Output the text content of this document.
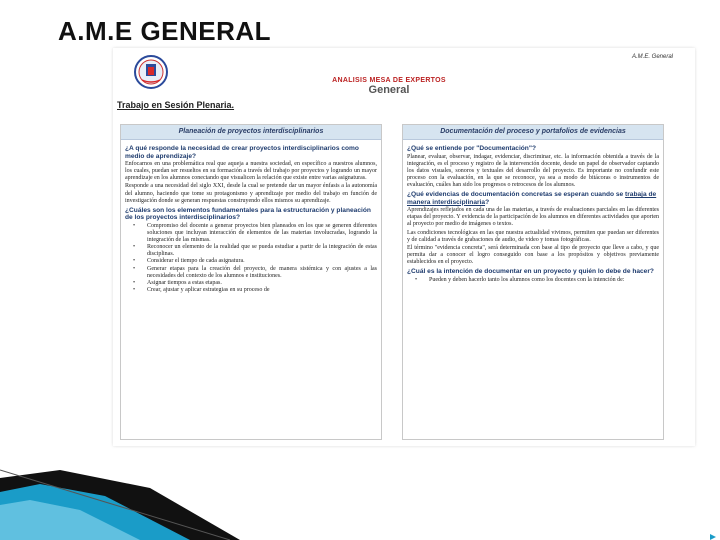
A.M.E GENERAL
A.M.E. General
Trabajo en Sesión Plenaria.
ANALISIS MESA DE EXPERTOS
General
Planeación de proyectos interdisciplinarios
¿A qué responde la necesidad de crear proyectos interdisciplinarios como medio de aprendizaje?
Enfocarnos en una problemática real que aqueja a nuestra sociedad, en específico a nuestros alumnos, los cuales, puedan ser resueltos en su formación a través del trabajo por proyectos y logrando un mayor aprendizaje en los alumnos conectando que visualicen la relación que existe entre varias asignaturas.
Responde a una necesidad del siglo XXI, desde la cual se pretende dar un mayor énfasis a la autonomía del alumno, haciendo que tome su protagonismo y aprendizaje por medio del trabajo en función de investigación donde se generan respuestas construyendo ellos mismos su aprendizaje.
¿Cuáles son los elementos fundamentales para la estructuración y planeación de los proyectos interdisciplinarios?
• Compromiso del docente a generar proyectos bien planeados en los que se generen diferentes soluciones que incluyan interacción de elementos de las materias involucradas, logrando la integración de las mismas.
• Reconocer un elemento de la realidad que se pueda estudiar a partir de la integración de estas disciplinas.
• Considerar el tiempo de cada asignatura.
• Generar etapas para la creación del proyecto, de manera sistémica y con ajustes a las necesidades del contexto de los alumnos e instituciones.
• Asignar tiempos a estas etapas.
• Crear, ajustar y aplicar estrategias en su proceso de
Documentación del proceso y portafolios de evidencias
¿Qué se entiende por "Documentación"?
Planear, evaluar, observar, indagar, evidenciar, discriminar, etc. la información obtenida a través de la integración, es el proceso y registro de la intervención docente, desde un papel de observador captando los datos visuales, sonoros y textuales del desarrollo del proyecto. Es importante no confundir este proceso con la evaluación, en la que se reconoce, ya sea a modo de bitácoras o instrumentos de evaluación, cuáles han sido los progresos o retrocesos de los alumnos.
¿Qué evidencias de documentación concretas se esperan cuando se trabaja de manera interdisciplinaria?
Aprendizajes reflejados en cada una de las materias, a través de evaluaciones parciales en las diferentes etapas del proyecto. Y evidencia de la participación de los alumnos en diferentes actividades que aporten al proyecto por medio de imágenes o textos.
Las condiciones tecnológicas en las que nuestra actualidad vivimos, permiten que puedan ser diferentes y de calidad a través de grabaciones de audio, de video y tomas fotográficas.
El término "evidencia concreta", será determinada con base al tipo de proyecto que lleve a cabo, y que permita dar a conocer el logro conseguido con base a los propósitos y objetivos previamente establecidos en el proyecto.
¿Cuál es la intención de documentar en un proyecto y quién lo debe de hacer?
• Pueden y deben hacerlo tanto los alumnos como los docentes con la intención de:
